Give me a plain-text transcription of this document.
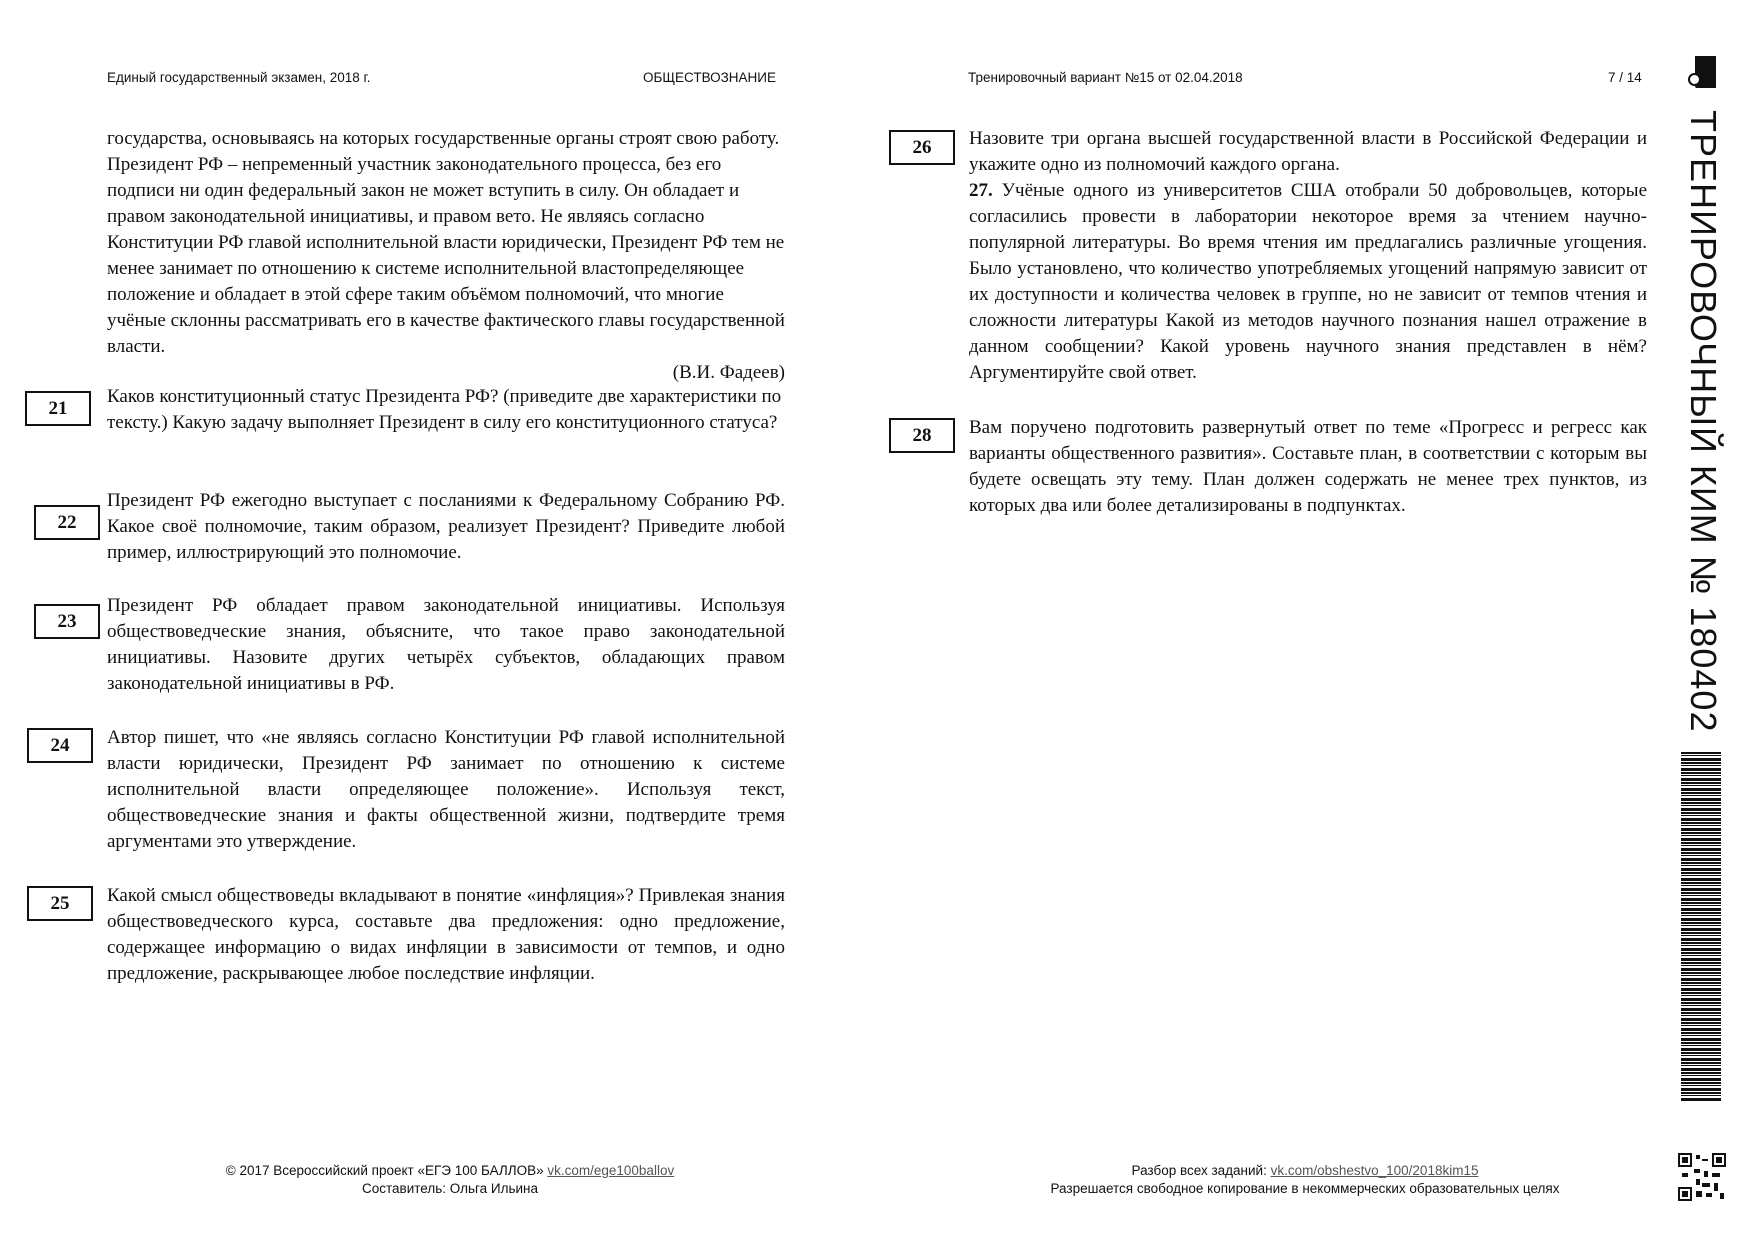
Единый государственный экзамен, 2018 г.	ОБЩЕСТВОЗНАНИЕ	Тренировочный вариант №15 от 02.04.2018	7 / 14
ТРЕНИРОВОЧНЫЙ КИМ № 180402

государства, основываясь на которых государственные органы строят свою работу. Президент РФ – непременный участник законодательного процесса, без его подписи ни один федеральный закон не может вступить в силу. Он обладает и правом законодательной инициативы, и правом вето. Не являясь согласно Конституции РФ главой исполнительной власти юридически, Президент РФ тем не менее занимает по отношению к системе исполнительной властопределяющее положение и обладает в этой сфере таким объёмом полномочий, что многие учёные склонны рассматривать его в качестве фактического главы государственной власти.

(В.И. Фадеев)

21

Каков конституционный статус Президента РФ? (приведите две характеристики по тексту.) Какую задачу выполняет Президент в силу его конституционного статуса?

22

Президент РФ ежегодно выступает с посланиями к Федеральному Собранию РФ. Какое своё полномочие, таким образом, реализует Президент? Приведите любой пример, иллюстрирующий это полномочие.

23

Президент РФ обладает правом законодательной инициативы. Используя обществоведческие знания, объясните, что такое право законодательной инициативы. Назовите других четырёх субъектов, обладающих правом законодательной инициативы в РФ.

24	Автор пишет, что «не являясь согласно Конституции РФ главой исполнительной власти юридически, Президент РФ занимает по отношению к системе исполнительной власти определяющее положение». Используя текст, обществоведческие знания и факты общественной жизни, подтвердите тремя аргументами это утверждение.

25	Какой смысл обществоведы вкладывают в понятие «инфляция»? Привлекая знания обществоведческого курса, составьте два предложения: одно предложение, содержащее информацию о видах инфляции в зависимости от темпов, и одно предложение, раскрывающее любое последствие инфляции.

26	Назовите три органа высшей государственной власти в Российской Федерации и укажите одно из полномочий каждого органа.

27. Учёные одного из университетов США отобрали 50 добровольцев, которые согласились провести в лаборатории некоторое время за чтением научно-популярной литературы. Во время чтения им предлагались различные угощения. Было установлено, что количество употребляемых угощений напрямую зависит от их доступности и количества человек в группе, но не зависит от темпов чтения и сложности литературы Какой из методов научного познания нашел отражение в данном сообщении? Какой уровень научного знания представлен в нём? Аргументируйте свой ответ.

28	Вам поручено подготовить развернутый ответ по теме «Прогресс и регресс как варианты общественного развития». Составьте план, в соответствии с которым вы будете освещать эту тему. План должен содержать не менее трех пунктов, из которых два или более детализированы в подпунктах.

© 2017 Всероссийский проект «ЕГЭ 100 БАЛЛОВ» vk.com/ege100ballov
Составитель: Ольга Ильина
Разбор всех заданий: vk.com/obshestvo_100/2018kim15
Разрешается свободное копирование в некоммерческих образовательных целях
